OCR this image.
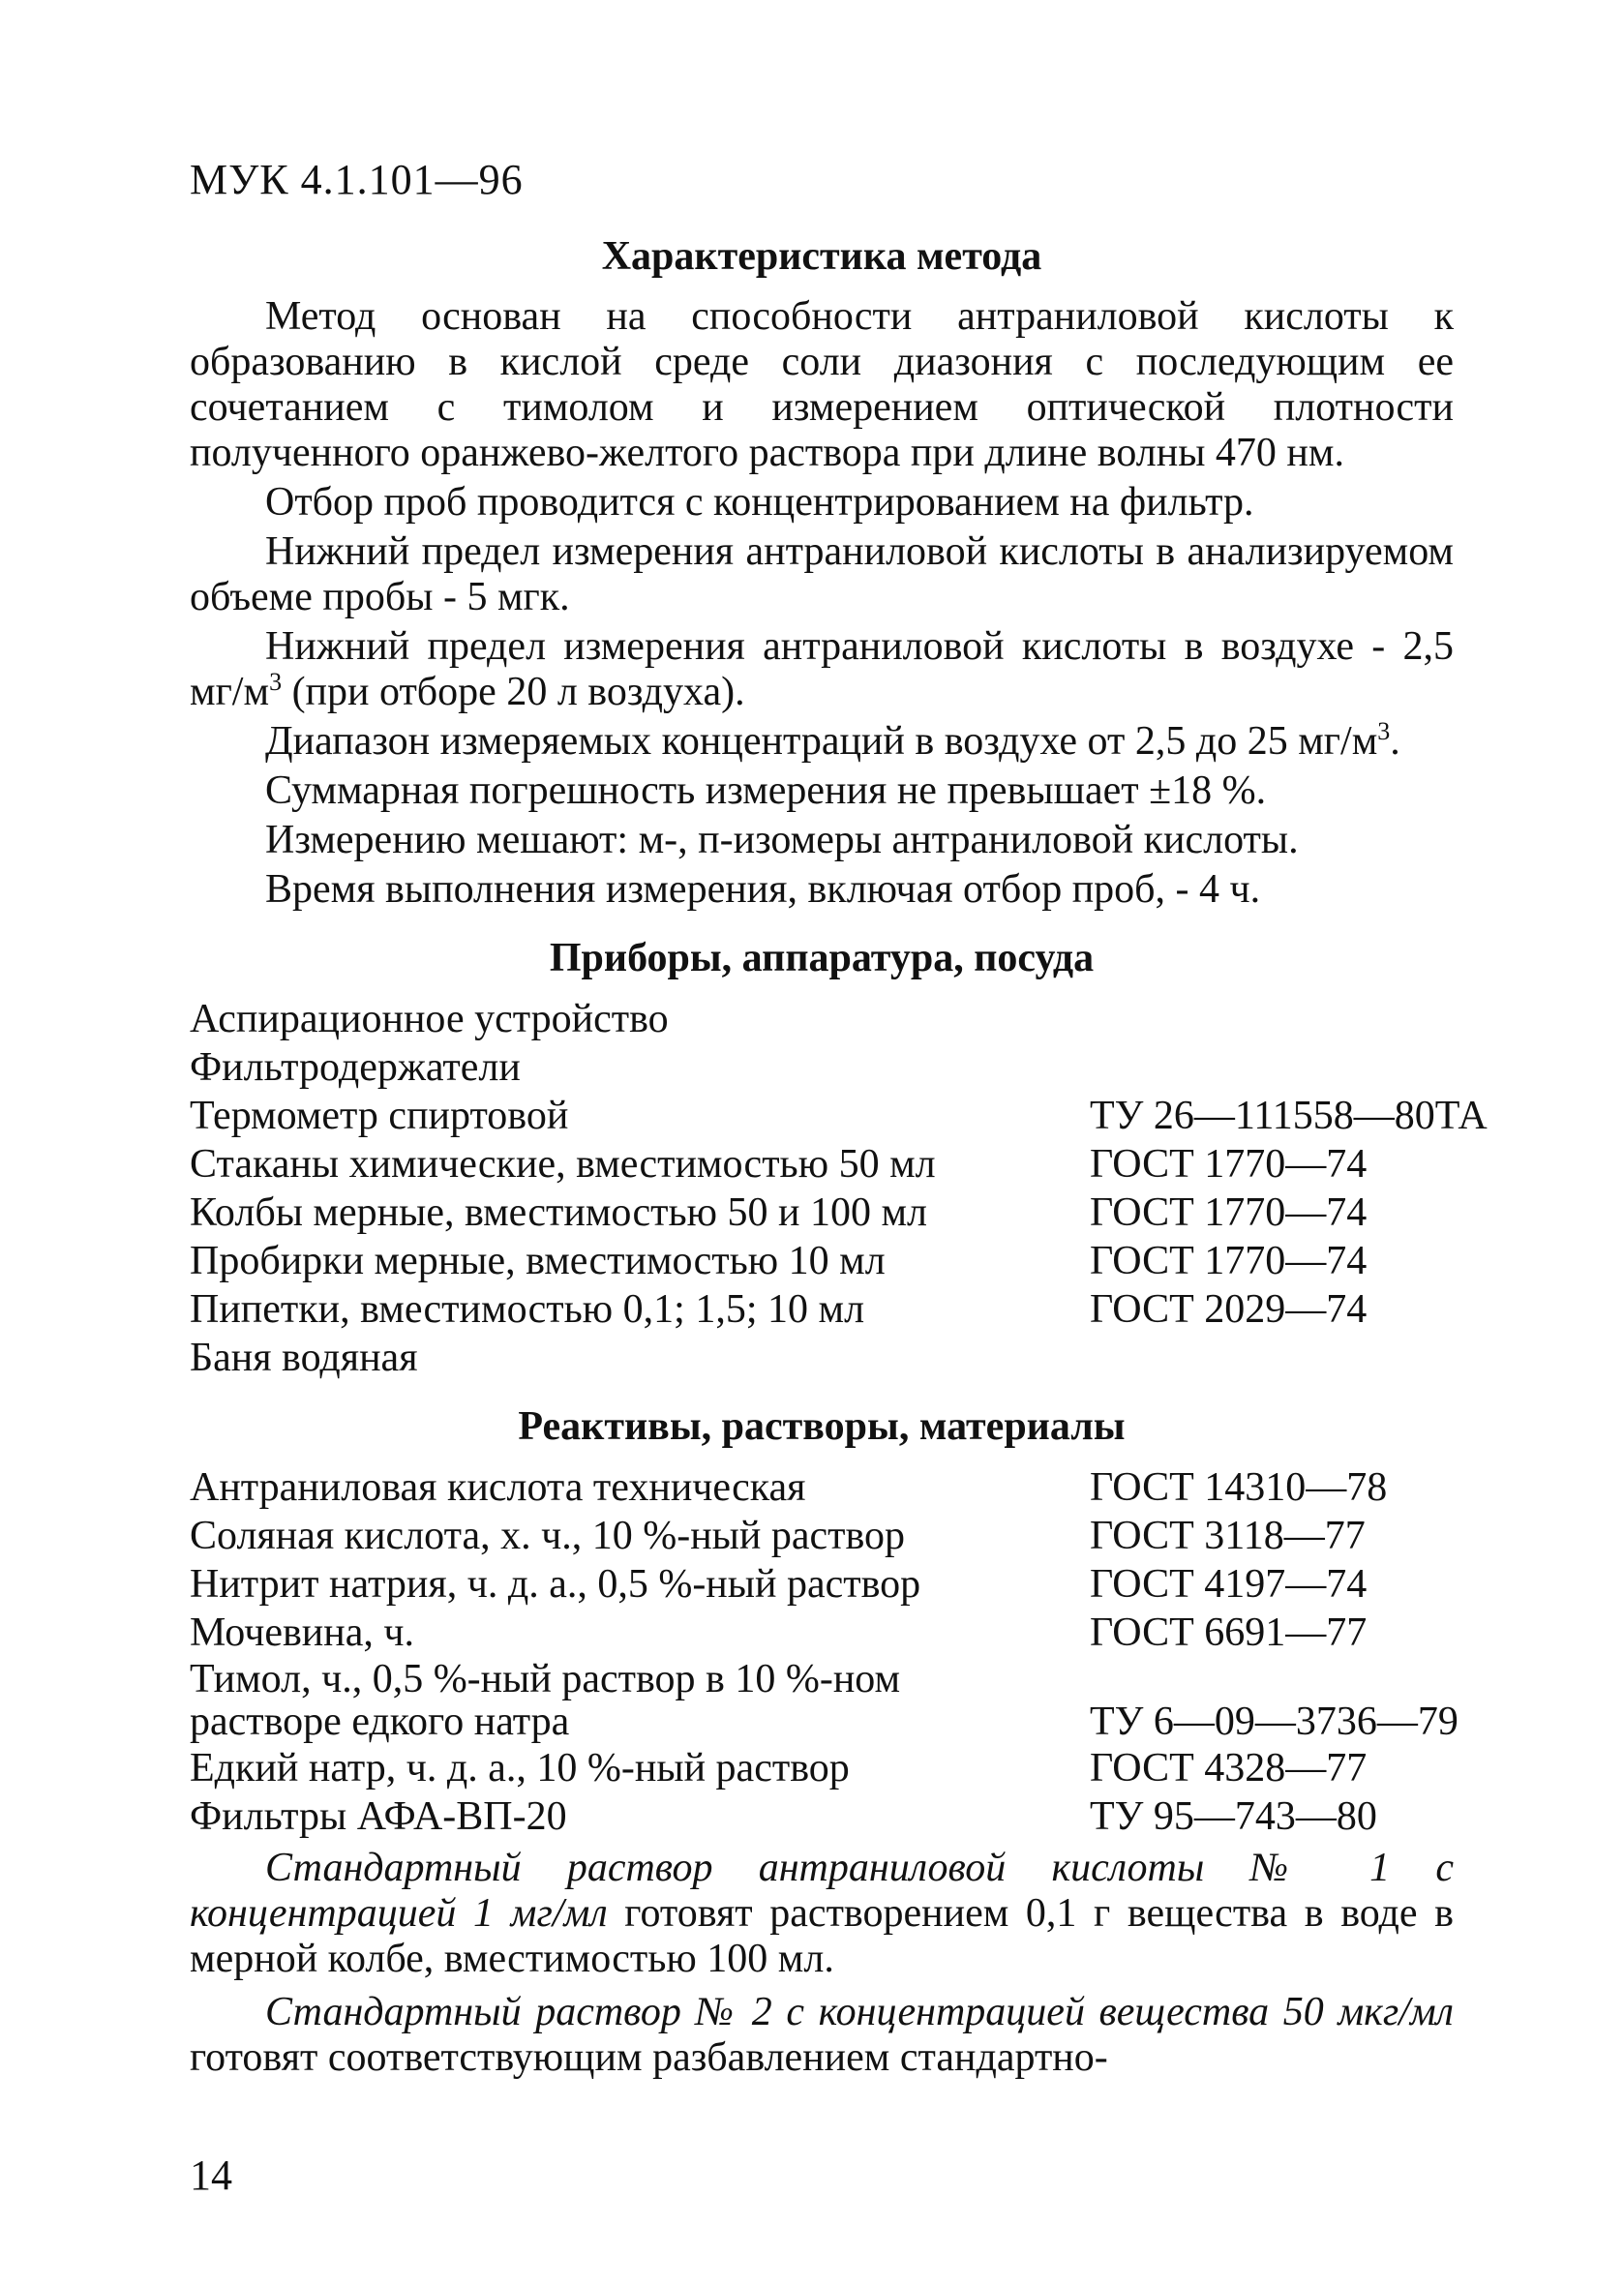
МУК 4.1.101—96
Характеристика метода

Метод основан на способности антраниловой кислоты к образованию в кислой среде соли диазония с последующим ее сочетанием с тимолом и измерением оптической плотности полученного оранжево-желтого раствора при длине волны 470 нм.

Отбор проб проводится с концентрированием на фильтр.

Нижний предел измерения антраниловой кислоты в анализируемом объеме пробы - 5 мгк.

Нижний предел измерения антраниловой кислоты в воздухе - 2,5 $мг/м^3$ (при отборе 20 л воздуха).

Диапазон измеряемых концентраций в воздухе от 2,5 до 25 $мг/м^3$.

Суммарная погрешность измерения не превышает ±18 %.

Измерению мешают: м-, п-изомеры антраниловой кислоты.

Время выполнения измерения, включая отбор проб, - 4 ч.

Приборы, аппаратура, посуда
Аспирационное устройство
Фильтродержатели
Термометр спиртовой	ТУ 26—111558—80ТА
Стаканы химические, вместимостью 50 мл	ГОСТ 1770—74
Колбы мерные, вместимостью 50 и 100 мл	ГОСТ 1770—74
Пробирки мерные, вместимостью 10 мл	ГОСТ 1770—74
Пипетки, вместимостью 0,1; 1,5; 10 мл	ГОСТ 2029—74
Баня водяная
Реактивы, растворы, материалы
Антраниловая кислота техническая	ГОСТ 14310—78
Соляная кислота, х. ч., 10 %-ный раствор	ГОСТ 3118—77
Нитрит натрия, ч. д. а., 0,5 %-ный раствор	ГОСТ 4197—74
Мочевина, ч.	ГОСТ 6691—77
Тимол, ч., 0,5 %-ный раствор в 10 %-ном растворе едкого натра	ТУ 6—09—3736—79
Едкий натр, ч. д. а., 10 %-ный раствор	ГОСТ 4328—77
Фильтры АФА-ВП-20	ТУ 95—743—80

Стандартный раствор антраниловой кислоты № 1 с концентрацией 1 мг/мл готовят растворением 0,1 г вещества в воде в мерной колбе, вместимостью 100 мл.

Стандартный раствор № 2 с концентрацией вещества 50 мкг/мл готовят соответствующим разбавлением стандартно-

14
